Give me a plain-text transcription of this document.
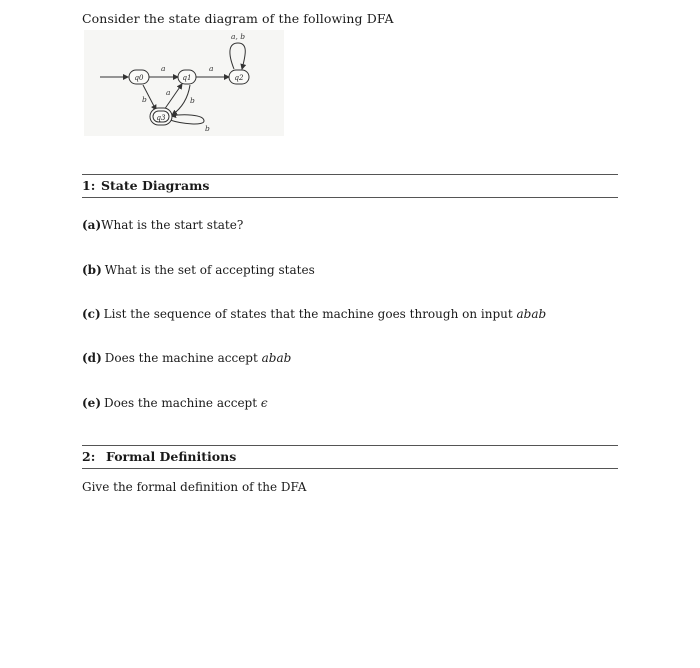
Consider the state diagram of the following DFA
a	a
a, b
b
a
b
b
q0	q1	q2
q3
1: State Diagrams
(a)What is the start state?
(b) What is the set of accepting states
(c) List the sequence of states that the machine goes through on input abab
(d) Does the machine accept abab
(e) Does the machine accept ϵ
2: Formal Definitions
Give the formal definition of the DFA
